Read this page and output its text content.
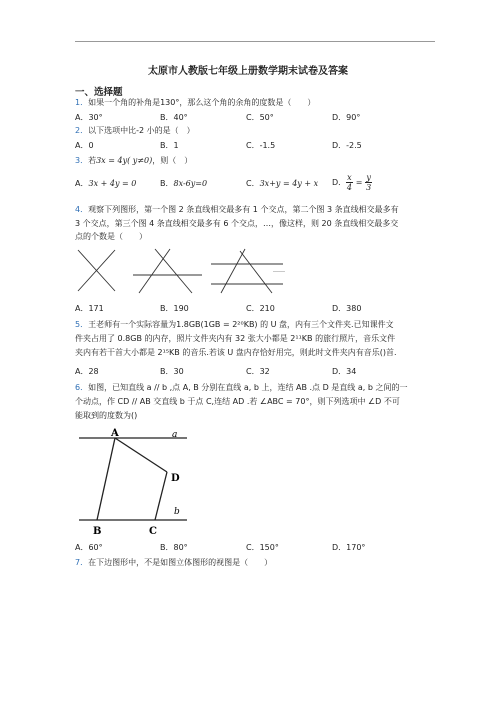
太原市人教版七年级上册数学期末试卷及答案
一、选择题
1．如果一个角的补角是130°，那么这个角的余角的度数是（　　）
A．30°	B．40°	C．50°	D．90°
2．以下选项中比-2 小的是（　）
A．0	B．1	C．-1.5	D．-2.5
3．若3x = 4y( y≠0)，则（　）
A．3x + 4y = 0	B．8x-6y=0	C．3x+y = 4y + x D． $\frac{x}{4} = \frac{y}{3}$
4．观察下列图形，第一个图 2 条直线相交最多有 1 个交点，第二个图 3 条直线相交最多有
3 个交点，第三个图 4 条直线相交最多有 6 个交点，…，像这样，则 20 条直线相交最多交
点的个数是（　　）
……
A．171	B．190	C．210	D．380
5．王老师有一个实际容量为1.8GB(1GB = 2²⁰KB) 的 U 盘，内有三个文件夹.已知课件文
件夹占用了 0.8GB 的内存，照片文件夹内有 32 张大小都是 2¹¹KB 的旅行照片，音乐文件
夹内有若干首大小都是 2¹⁵KB 的音乐.若该 U 盘内存恰好用完，则此时文件夹内有音乐()首.
A．28	B．30	C．32	D．34
6．如图，已知直线 a // b ,点 A, B 分别在直线 a, b 上，连结 AB .点 D 是直线 a, b 之间的一
个动点，作 CD // AB 交直线 b 于点 C,连结 AD .若 ∠ABC = 70°，则下列选项中 ∠D 不可
能取到的度数为()
A	a
D
b
B	C
A．60°	B．80°	C．150°	D．170°
7．在下边图形中，不是如图立体图形的视图是（　　）
